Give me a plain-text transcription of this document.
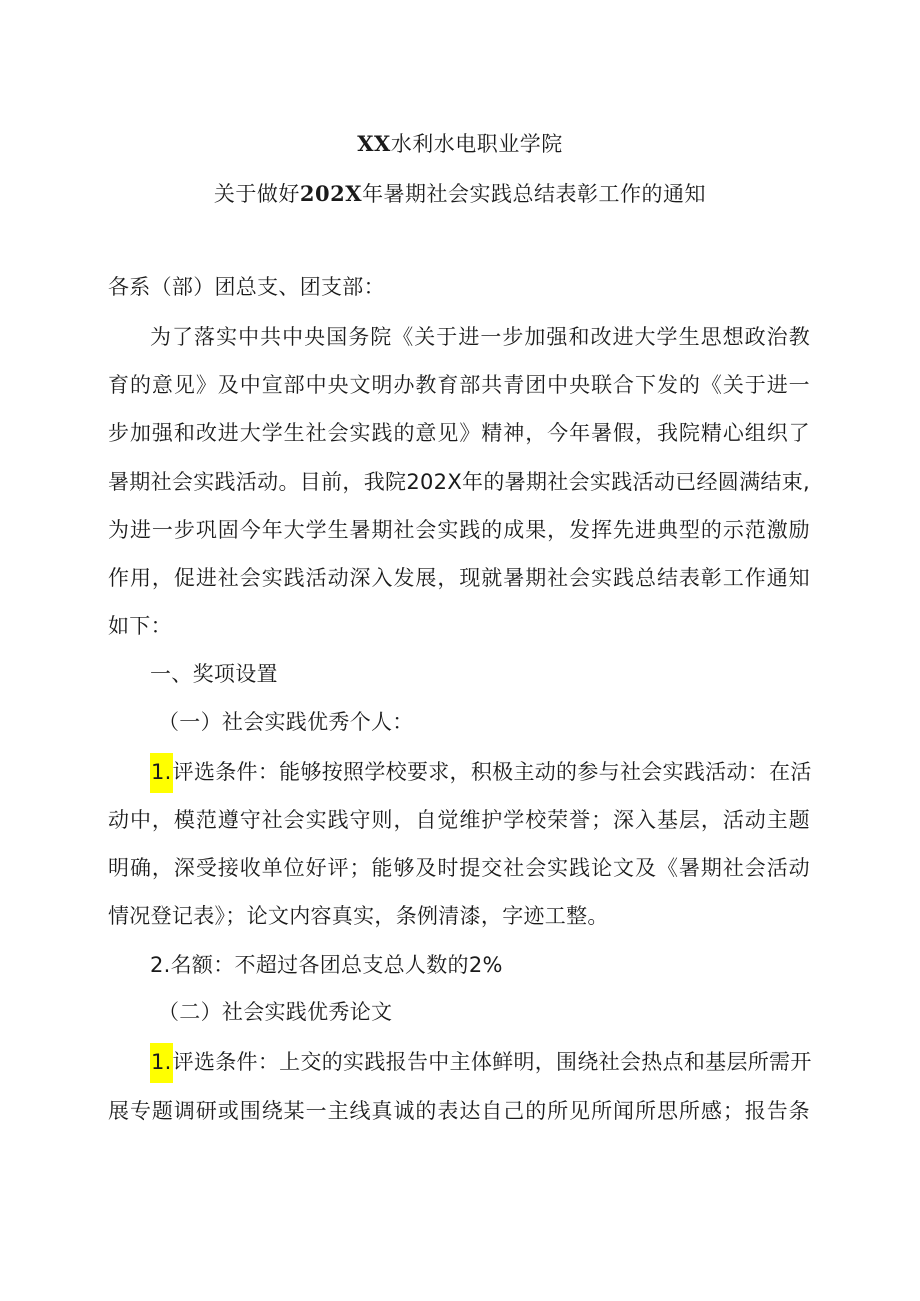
XX水利水电职业学院
关于做好202X年暑期社会实践总结表彰工作的通知
各系（部）团总支、团支部：
为了落实中共中央国务院《关于进一步加强和改进大学生思想政治教
育的意见》及中宣部中央文明办教育部共青团中央联合下发的《关于进一
步加强和改进大学生社会实践的意见》精神，今年暑假，我院精心组织了
暑期社会实践活动。目前，我院202X年的暑期社会实践活动已经圆满结束,
为进一步巩固今年大学生暑期社会实践的成果，发挥先进典型的示范激励
作用，促进社会实践活动深入发展，现就暑期社会实践总结表彰工作通知
如下：
一、奖项设置
（一）社会实践优秀个人：
1.评选条件：能够按照学校要求，积极主动的参与社会实践活动：在活
动中，模范遵守社会实践守则，自觉维护学校荣誉；深入基层，活动主题
明确，深受接收单位好评；能够及时提交社会实践论文及《暑期社会活动
情况登记表》；论文内容真实，条例清漆，字迹工整。
2.名额：不超过各团总支总人数的2%
（二）社会实践优秀论文
1.评选条件：上交的实践报告中主体鲜明，围绕社会热点和基层所需开
展专题调研或围绕某一主线真诚的表达自己的所见所闻所思所感；报告条
